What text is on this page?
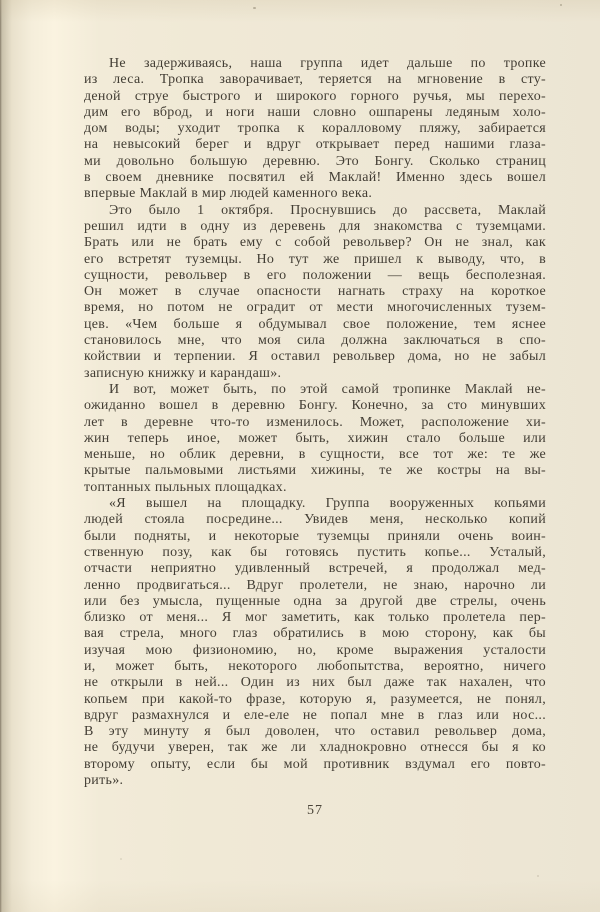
Не задерживаясь, наша группа идет дальше по тропке
из леса. Тропка заворачивает, теряется на мгновение в сту-
деной струе быстрого и широкого горного ручья, мы перехо-
дим его вброд, и ноги наши словно ошпарены ледяным холо-
дом воды; уходит тропка к коралловому пляжу, забирается
на невысокий берег и вдруг открывает перед нашими глаза-
ми довольно большую деревню. Это Бонгу. Сколько страниц
в своем дневнике посвятил ей Маклай! Именно здесь вошел
впервые Маклай в мир людей каменного века.
Это было 1 октября. Проснувшись до рассвета, Маклай
решил идти в одну из деревень для знакомства с туземцами.
Брать или не брать ему с собой револьвер? Он не знал, как
его встретят туземцы. Но тут же пришел к выводу, что, в
сущности, револьвер в его положении — вещь бесполезная.
Он может в случае опасности нагнать страху на короткое
время, но потом не оградит от мести многочисленных тузем-
цев. «Чем больше я обдумывал свое положение, тем яснее
становилось мне, что моя сила должна заключаться в спо-
койствии и терпении. Я оставил револьвер дома, но не забыл
записную книжку и карандаш».
И вот, может быть, по этой самой тропинке Маклай не-
ожиданно вошел в деревню Бонгу. Конечно, за сто минувших
лет в деревне что-то изменилось. Может, расположение хи-
жин теперь иное, может быть, хижин стало больше или
меньше, но облик деревни, в сущности, все тот же: те же
крытые пальмовыми листьями хижины, те же костры на вы-
топтанных пыльных площадках.
«Я вышел на площадку. Группа вооруженных копьями
людей стояла посредине... Увидев меня, несколько копий
были подняты, и некоторые туземцы приняли очень воин-
ственную позу, как бы готовясь пустить копье... Усталый,
отчасти неприятно удивленный встречей, я продолжал мед-
ленно продвигаться... Вдруг пролетели, не знаю, нарочно ли
или без умысла, пущенные одна за другой две стрелы, очень
близко от меня... Я мог заметить, как только пролетела пер-
вая стрела, много глаз обратились в мою сторону, как бы
изучая мою физиономию, но, кроме выражения усталости
и, может быть, некоторого любопытства, вероятно, ничего
не открыли в ней... Один из них был даже так нахален, что
копьем при какой-то фразе, которую я, разумеется, не понял,
вдруг размахнулся и еле-еле не попал мне в глаз или нос...
В эту минуту я был доволен, что оставил револьвер дома,
не будучи уверен, так же ли хладнокровно отнесся бы я ко
второму опыту, если бы мой противник вздумал его повто-
рить».
57
